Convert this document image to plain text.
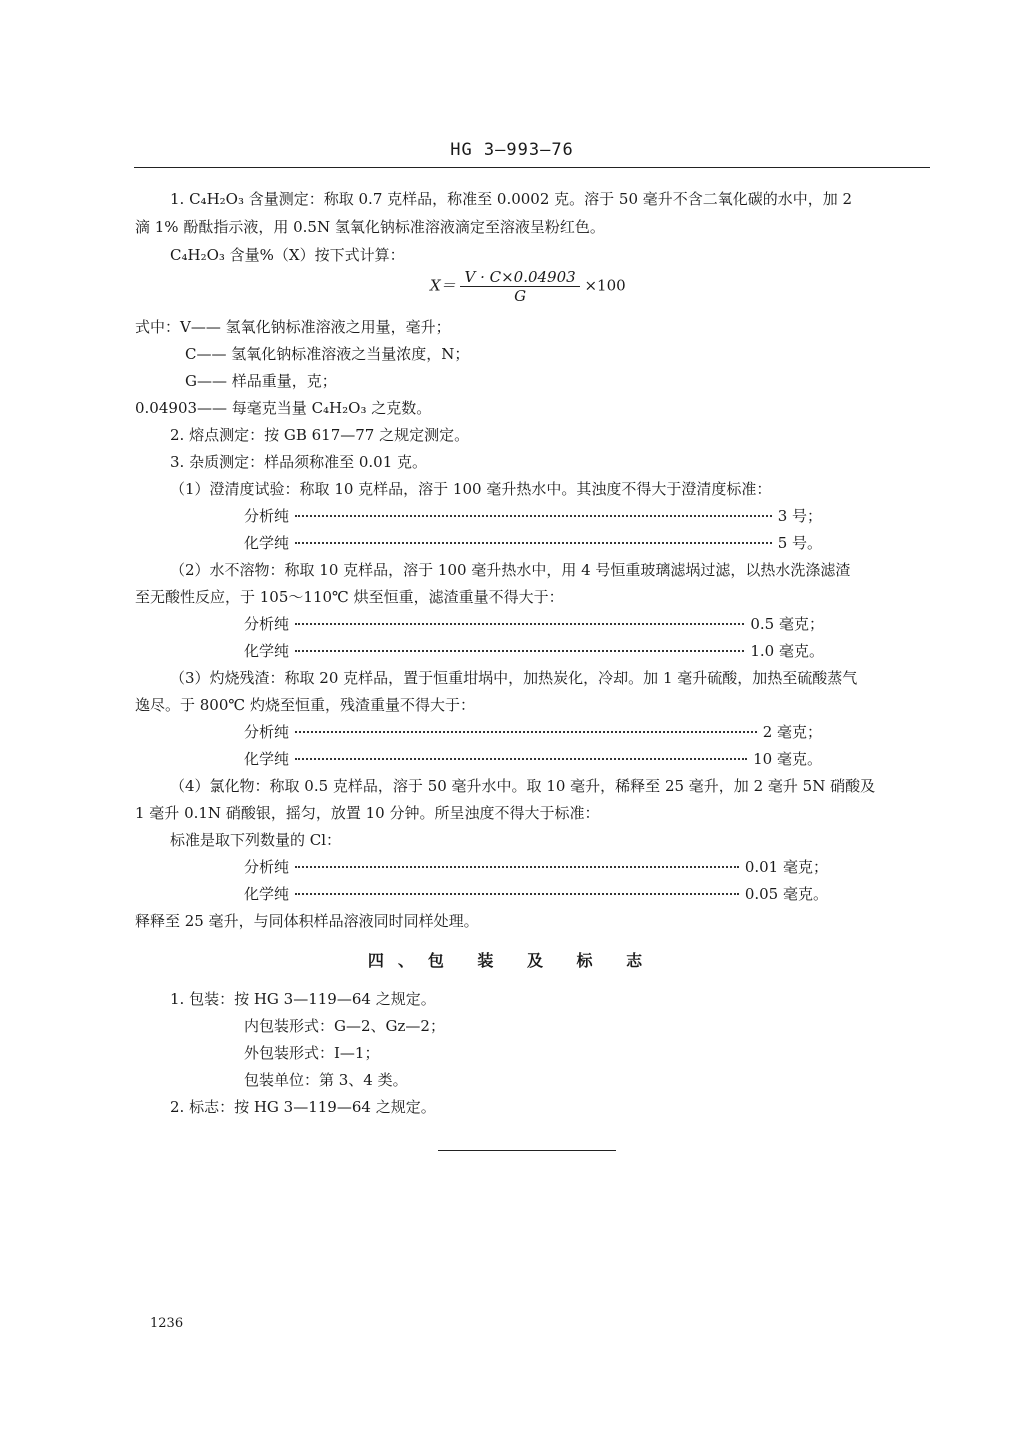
HG 3—993—76
1. C₄H₂O₃ 含量测定：称取 0.7 克样品，称准至 0.0002 克。溶于 50 毫升不含二氧化碳的水中，加 2
滴 1% 酚酞指示液，用 0.5N 氢氧化钠标准溶液滴定至溶液呈粉红色。
C₄H₂O₃ 含量%（X）按下式计算：
$X= \frac{V \cdot C\times 0.04903}{G} \times 100$
式中：V—— 氢氧化钠标准溶液之用量，毫升；
C—— 氢氧化钠标准溶液之当量浓度，N；
G—— 样品重量，克；
0.04903—— 每毫克当量 C₄H₂O₃ 之克数。
2. 熔点测定：按 GB 617—77 之规定测定。
3. 杂质测定：样品须称准至 0.01 克。
（1）澄清度试验：称取 10 克样品，溶于 100 毫升热水中。其浊度不得大于澄清度标准：
分析纯	3 号；
化学纯	5 号。
（2）水不溶物：称取 10 克样品，溶于 100 毫升热水中，用 4 号恒重玻璃滤埚过滤，以热水洗涤滤渣
至无酸性反应，于 105～110℃ 烘至恒重，滤渣重量不得大于：
分析纯	0.5 毫克；
化学纯	1.0 毫克。
（3）灼烧残渣：称取 20 克样品，置于恒重坩埚中，加热炭化，冷却。加 1 毫升硫酸，加热至硫酸蒸气
逸尽。于 800℃ 灼烧至恒重，残渣重量不得大于：
分析纯	2 毫克；
化学纯	10 毫克。
（4）氯化物：称取 0.5 克样品，溶于 50 毫升水中。取 10 毫升，稀释至 25 毫升，加 2 毫升 5N 硝酸及
1 毫升 0.1N 硝酸银，摇匀，放置 10 分钟。所呈浊度不得大于标准：
标准是取下列数量的 Cl：
分析纯	0.01 毫克；
化学纯	0.05 毫克。
释释至 25 毫升，与同体积样品溶液同时同样处理。
四、包 装 及 标 志
1. 包装：按 HG 3—119—64 之规定。
内包装形式：G—2、Gz—2；
外包装形式：Ⅰ—1；
包装单位：第 3、4 类。
2. 标志：按 HG 3—119—64 之规定。
1236
